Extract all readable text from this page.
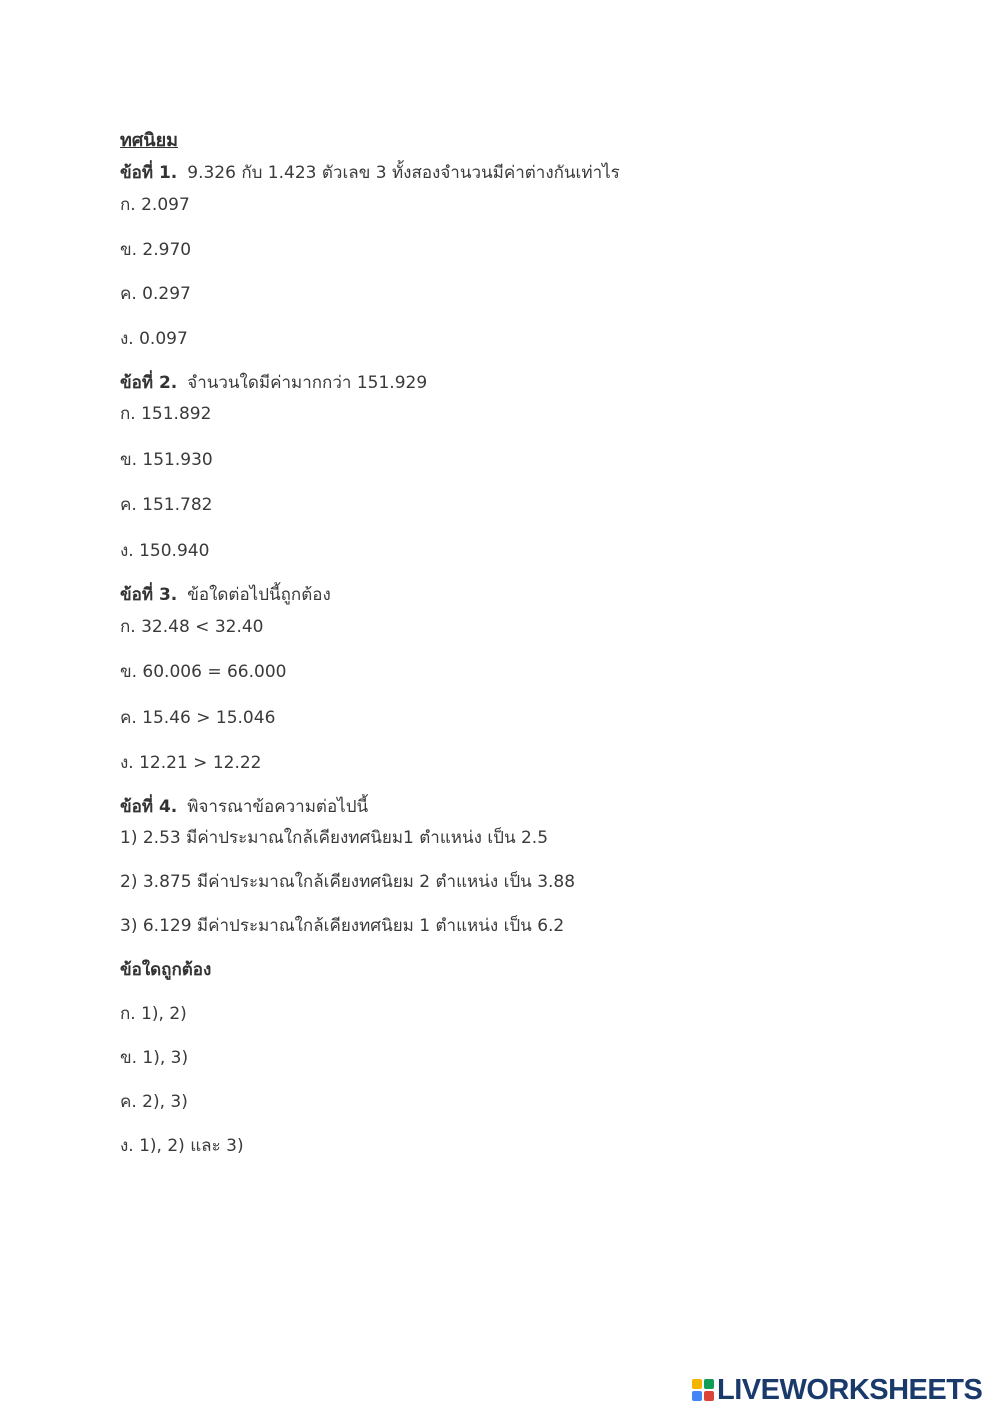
ทศนิยม
ข้อที่ 1. 9.326 กับ 1.423 ตัวเลข 3 ทั้งสองจำนวนมีค่าต่างกันเท่าไร
ก. 2.097
ข. 2.970
ค. 0.297
ง. 0.097
ข้อที่ 2. จำนวนใดมีค่ามากกว่า 151.929
ก. 151.892
ข. 151.930
ค. 151.782
ง. 150.940
ข้อที่ 3. ข้อใดต่อไปนี้ถูกต้อง
ก. 32.48 < 32.40
ข. 60.006 = 66.000
ค. 15.46 > 15.046
ง. 12.21 > 12.22
ข้อที่ 4. พิจารณาข้อความต่อไปนี้
1) 2.53 มีค่าประมาณใกล้เคียงทศนิยม1 ตำแหน่ง เป็น 2.5
2) 3.875 มีค่าประมาณใกล้เคียงทศนิยม 2 ตำแหน่ง เป็น 3.88
3) 6.129 มีค่าประมาณใกล้เคียงทศนิยม 1 ตำแหน่ง เป็น 6.2
ข้อใดถูกต้อง
ก. 1), 2)
ข. 1), 3)
ค. 2), 3)
ง. 1), 2) และ 3)
LIVEWORKSHEETS
